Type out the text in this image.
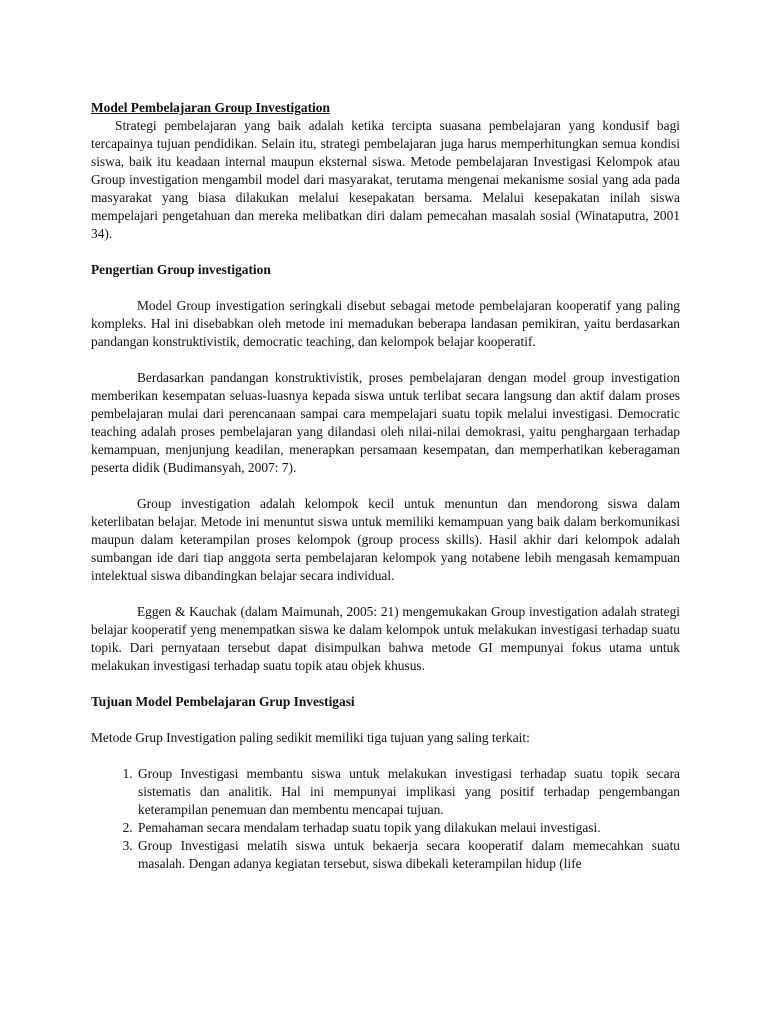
Model Pembelajaran Group Investigation

Strategi pembelajaran yang baik adalah ketika tercipta suasana pembelajaran yang kondusif bagi tercapainya tujuan pendidikan. Selain itu, strategi pembelajaran juga harus memperhitungkan semua kondisi siswa, baik itu keadaan internal maupun eksternal siswa. Metode pembelajaran Investigasi Kelompok atau Group investigation mengambil model dari masyarakat, terutama mengenai mekanisme sosial yang ada pada masyarakat yang biasa dilakukan melalui kesepakatan bersama. Melalui kesepakatan inilah siswa mempelajari pengetahuan dan mereka melibatkan diri dalam pemecahan masalah sosial (Winataputra, 2001 34).

Pengertian Group investigation

Model Group investigation seringkali disebut sebagai metode pembelajaran kooperatif yang paling kompleks. Hal ini disebabkan oleh metode ini memadukan beberapa landasan pemikiran, yaitu berdasarkan pandangan konstruktivistik, democratic teaching, dan kelompok belajar kooperatif.

Berdasarkan pandangan konstruktivistik, proses pembelajaran dengan model group investigation memberikan kesempatan seluas-luasnya kepada siswa untuk terlibat secara langsung dan aktif dalam proses pembelajaran mulai dari perencanaan sampai cara mempelajari suatu topik melalui investigasi. Democratic teaching adalah proses pembelajaran yang dilandasi oleh nilai-nilai demokrasi, yaitu penghargaan terhadap kemampuan, menjunjung keadilan, menerapkan persamaan kesempatan, dan memperhatikan keberagaman peserta didik (Budimansyah, 2007: 7).

Group investigation adalah kelompok kecil untuk menuntun dan mendorong siswa dalam keterlibatan belajar. Metode ini menuntut siswa untuk memiliki kemampuan yang baik dalam berkomunikasi maupun dalam keterampilan proses kelompok (group process skills). Hasil akhir dari kelompok adalah sumbangan ide dari tiap anggota serta pembelajaran kelompok yang notabene lebih mengasah kemampuan intelektual siswa dibandingkan belajar secara individual.

Eggen & Kauchak (dalam Maimunah, 2005: 21) mengemukakan Group investigation adalah strategi belajar kooperatif yeng menempatkan siswa ke dalam kelompok untuk melakukan investigasi terhadap suatu topik. Dari pernyataan tersebut dapat disimpulkan bahwa metode GI mempunyai fokus utama untuk melakukan investigasi terhadap suatu topik atau objek khusus.

Tujuan Model Pembelajaran Grup Investigasi

Metode Grup Investigation paling sedikit memiliki tiga tujuan yang saling terkait:

1. Group Investigasi membantu siswa untuk melakukan investigasi terhadap suatu topik secara sistematis dan analitik. Hal ini mempunyai implikasi yang positif terhadap pengembangan keterampilan penemuan dan membentu mencapai tujuan.
2. Pemahaman secara mendalam terhadap suatu topik yang dilakukan melaui investigasi.
3. Group Investigasi melatih siswa untuk bekaerja secara kooperatif dalam memecahkan suatu masalah. Dengan adanya kegiatan tersebut, siswa dibekali keterampilan hidup (life
